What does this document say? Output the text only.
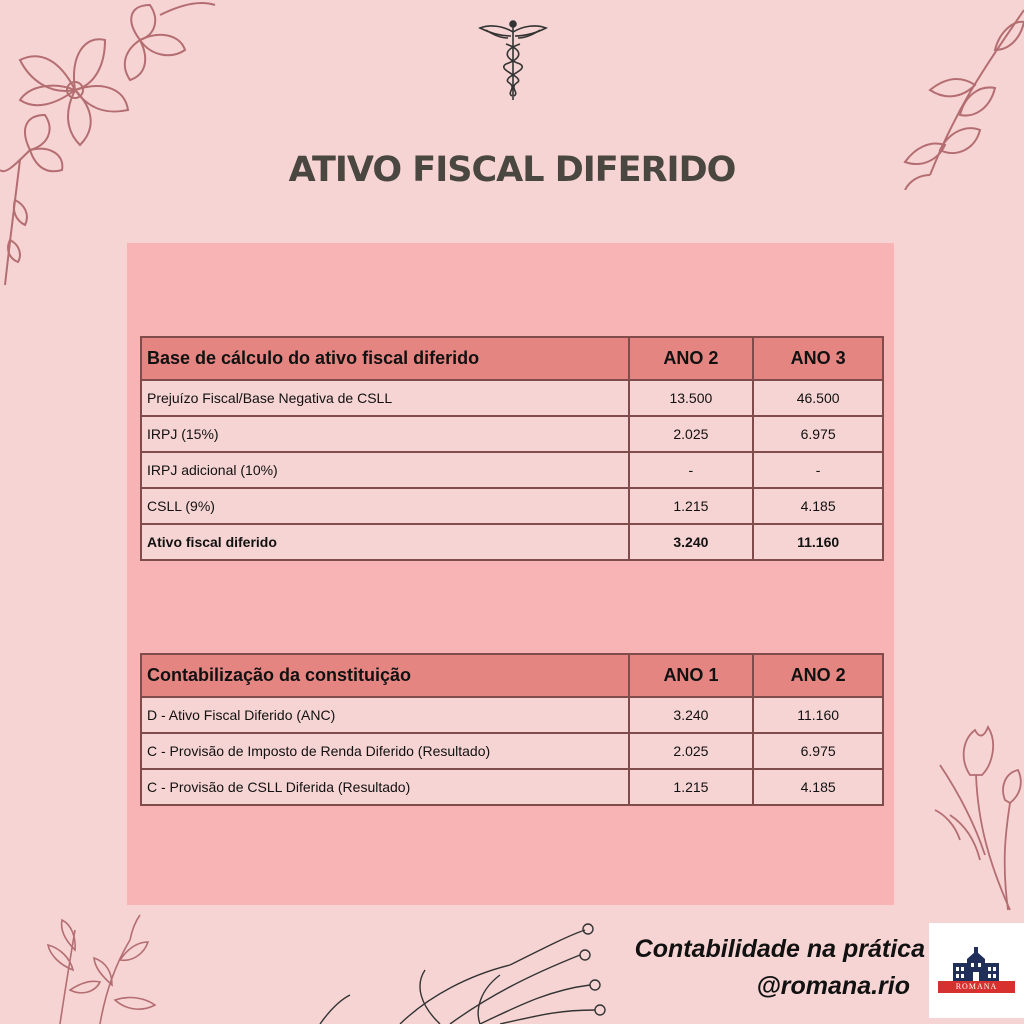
ATIVO FISCAL DIFERIDO
Base de cálculo do ativo fiscal diferido	ANO 2	ANO 3
Prejuízo Fiscal/Base Negativa de CSLL	13.500	46.500
IRPJ (15%)	2.025	6.975
IRPJ adicional (10%)	-	-
CSLL (9%)	1.215	4.185
Ativo fiscal diferido	3.240	11.160
Contabilização da constituição	ANO 1	ANO 2
D - Ativo Fiscal Diferido (ANC)	3.240	11.160
C - Provisão de Imposto de Renda Diferido (Resultado)	2.025	6.975
C - Provisão de CSLL Diferida (Resultado)	1.215	4.185
Contabilidade na prática
@romana.rio	ROMANA
